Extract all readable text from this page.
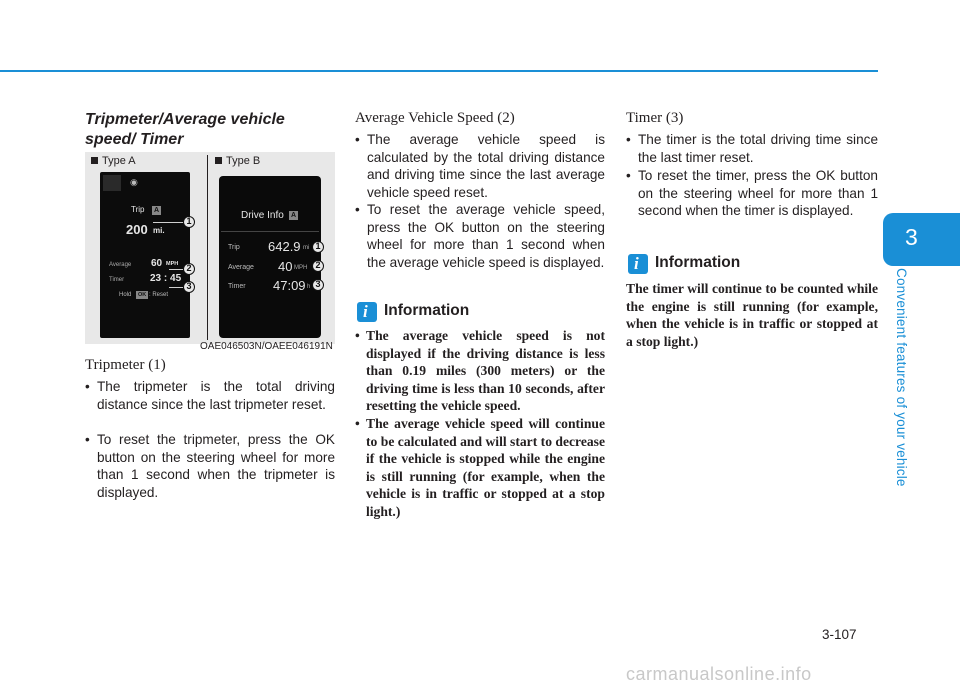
3
Convenient features of your vehicle
Tripmeter/Average vehicle speed/ Timer
Type A	Type B
◉
Trip A
200 mi.
Average 60 MPH
Timer	23 : 45
Hold	OK : Reset
Drive Info A
Trip 642.9 mi
Average 40 MPH
Timer 47:09 h
1
2
3
1
2
3
OAE046503N/OAEE046191N
Tripmeter (1)
• The tripmeter is the total driving distance since the last tripmeter reset.
• To reset the tripmeter, press the OK button on the steering wheel for more than 1 second when the tripmeter is displayed.
Average Vehicle Speed (2)
• The average vehicle speed is calculated by the total driving distance and driving time since the last average vehicle speed reset.
• To reset the average vehicle speed, press the OK button on the steering wheel for more than 1 second when the average vehicle speed is displayed.
i Information
• The average vehicle speed is not displayed if the driving distance is less than 0.19 miles (300 meters) or the driving time is less than 10 seconds, after resetting the vehicle speed.
• The average vehicle speed will continue to be calculated and will start to decrease if the vehicle is stopped while the engine is still running (for example, when the vehicle is in traffic or stopped at a stop light.)
Timer (3)
• The timer is the total driving time since the last timer reset.
• To reset the timer, press the OK button on the steering wheel for more than 1 second when the timer is displayed.
i Information
The timer will continue to be counted while the engine is still running (for example, when the vehicle is in traffic or stopped at a stop light.)
3-107
carmanualsonline.info
